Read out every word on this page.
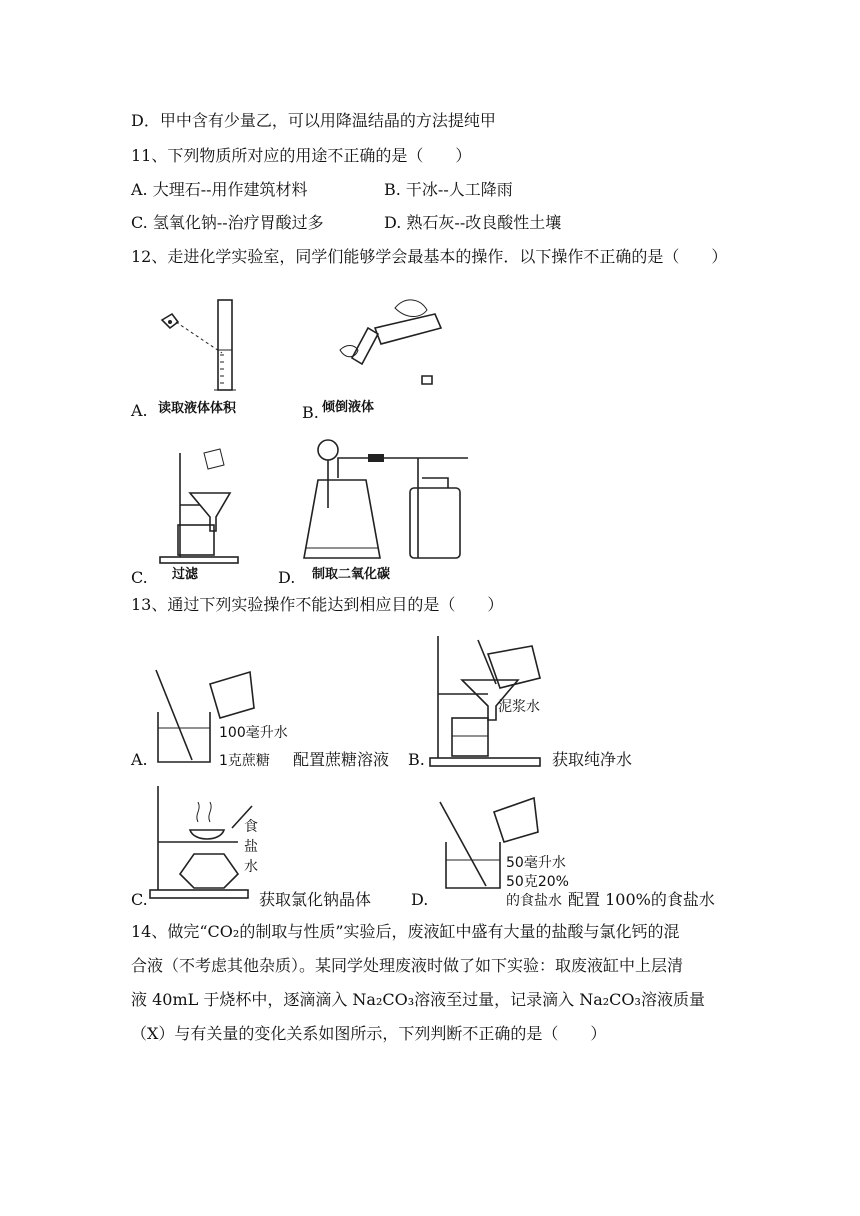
D．甲中含有少量乙，可以用降温结晶的方法提纯甲
11、下列物质所对应的用途不正确的是（　　）
A. 大理石--用作建筑材料	B. 干冰--人工降雨
C. 氢氧化钠--治疗胃酸过多	D. 熟石灰--改良酸性土壤
12、走进化学实验室，同学们能够学会最基本的操作．以下操作不正确的是（　　）
A. 读取液体体积	B. 倾倒液体
C. 过滤	D. 制取二氧化碳
13、通过下列实验操作不能达到相应目的是（　　）
100毫升水
1克蔗糖
A.	配置蔗糖溶液
泥浆水
B.	获取纯净水
食
盐
水
C.	获取氯化钠晶体
50毫升水
50克20%
的食盐水
D.	配置 100%的食盐水
14、做完“CO₂的制取与性质”实验后，废液缸中盛有大量的盐酸与氯化钙的混
合液（不考虑其他杂质）。某同学处理废液时做了如下实验：取废液缸中上层清
液 40mL 于烧杯中，逐滴滴入 Na₂CO₃溶液至过量，记录滴入 Na₂CO₃溶液质量
（X）与有关量的变化关系如图所示，下列判断不正确的是（　　）
